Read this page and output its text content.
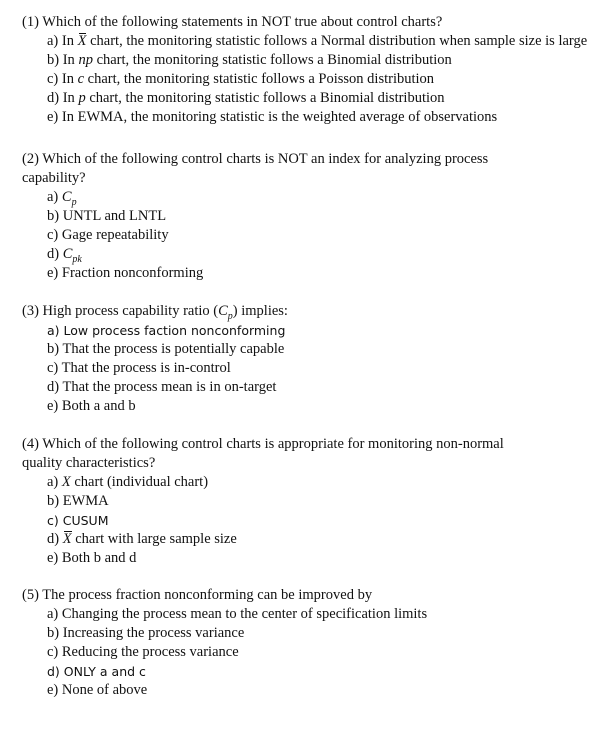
(1) Which of the following statements in NOT true about control charts?
a) In X chart, the monitoring statistic follows a Normal distribution when sample size is large
b) In np chart, the monitoring statistic follows a Binomial distribution
c) In c chart, the monitoring statistic follows a Poisson distribution
d) In p chart, the monitoring statistic follows a Binomial distribution
e) In EWMA, the monitoring statistic is the weighted average of observations
(2) Which of the following control charts is NOT an index for analyzing process capability?
a) $C_p$
b) UNTL and LNTL
c) Gage repeatability
d) $C_{pk}$
e) Fraction nonconforming
(3) High process capability ratio $(C_p)$ implies:
a) Low process faction nonconforming
b) That the process is potentially capable
c) That the process is in-control
d) That the process mean is in on-target
e) Both a and b
(4) Which of the following control charts is appropriate for monitoring non-normal quality characteristics?
a) X chart (individual chart)
b) EWMA
c) CUSUM
d) X chart with large sample size
e) Both b and d
(5) The process fraction nonconforming can be improved by
a) Changing the process mean to the center of specification limits
b) Increasing the process variance
c) Reducing the process variance
d) ONLY a and c
e) None of above
